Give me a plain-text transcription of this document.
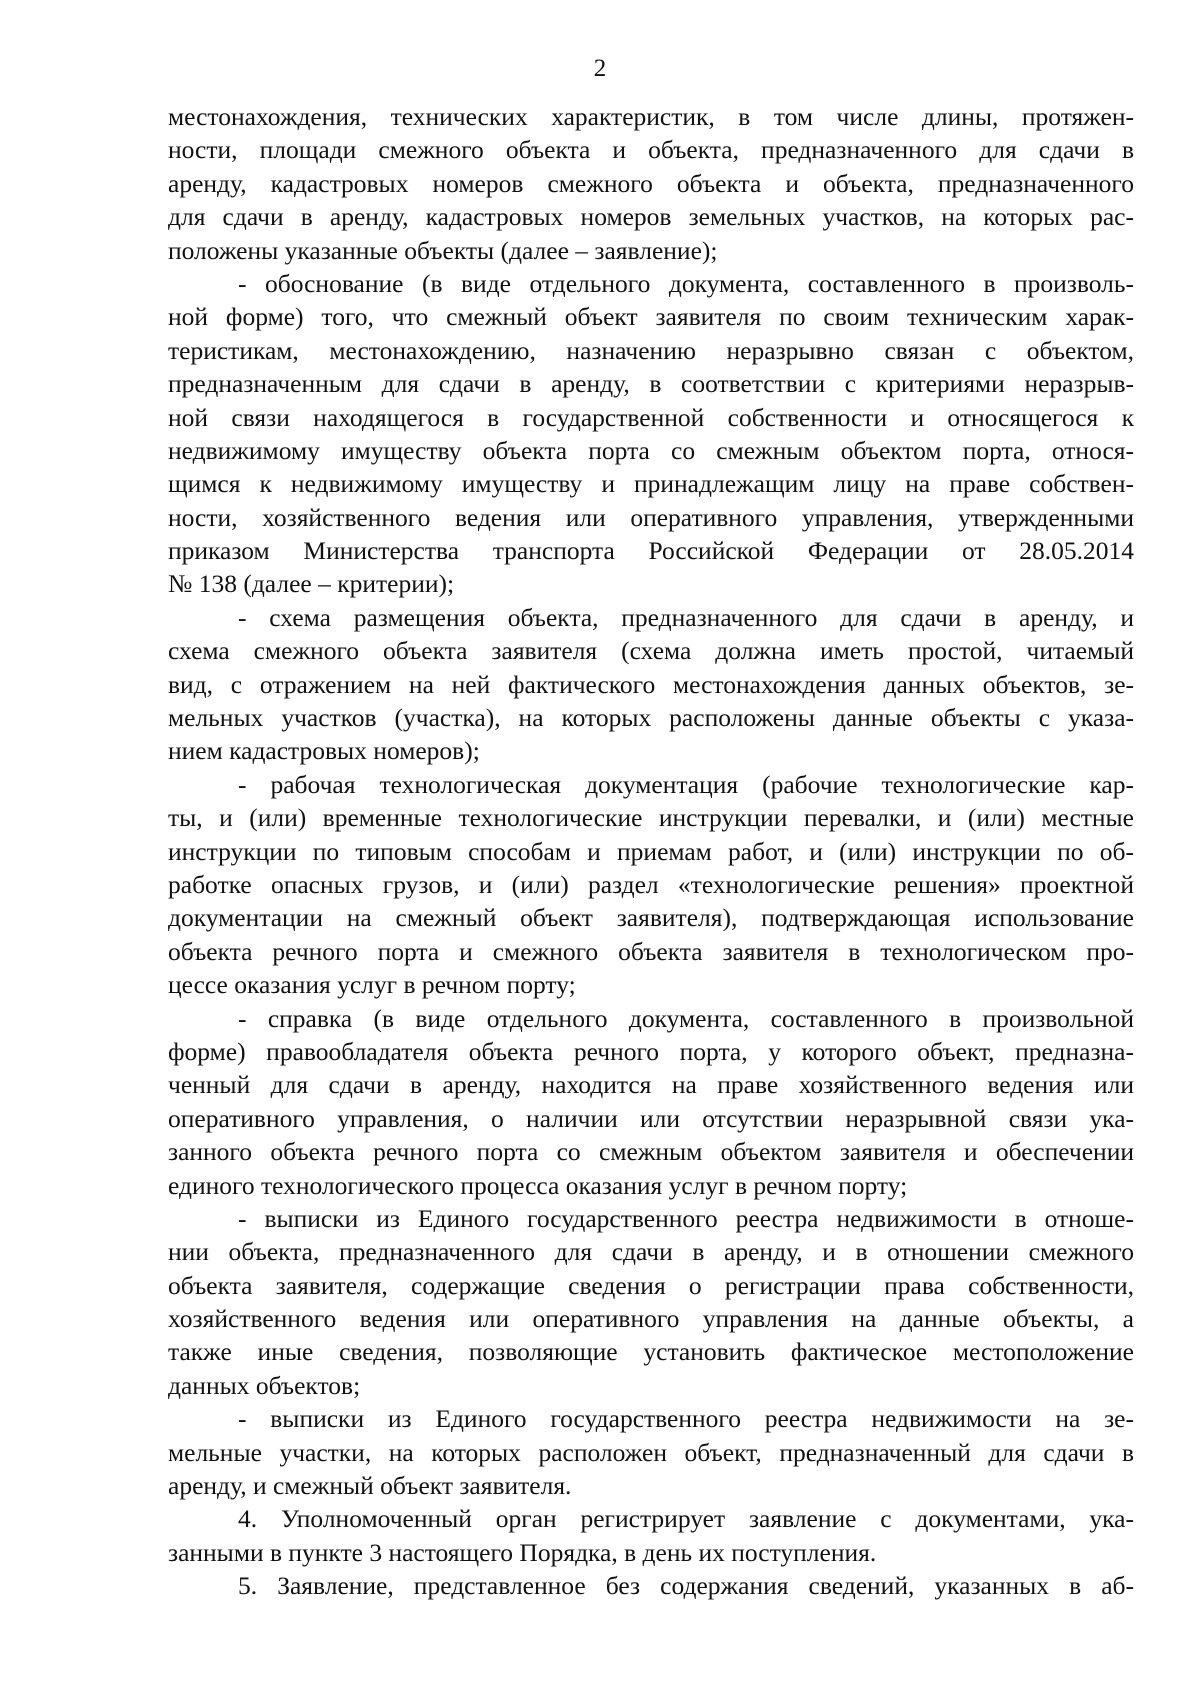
2
местонахождения, технических характеристик, в том числе длины, протяжен-
ности, площади смежного объекта и объекта, предназначенного для сдачи в
аренду, кадастровых номеров смежного объекта и объекта, предназначенного
для сдачи в аренду, кадастровых номеров земельных участков, на которых рас-
положены указанные объекты (далее – заявление);
- обоснование (в виде отдельного документа, составленного в произволь-
ной форме) того, что смежный объект заявителя по своим техническим харак-
теристикам, местонахождению, назначению неразрывно связан с объектом,
предназначенным для сдачи в аренду, в соответствии с критериями неразрыв-
ной связи находящегося в государственной собственности и относящегося к
недвижимому имуществу объекта порта со смежным объектом порта, относя-
щимся к недвижимому имуществу и принадлежащим лицу на праве собствен-
ности, хозяйственного ведения или оперативного управления, утвержденными
приказом Министерства транспорта Российской Федерации от 28.05.2014
№ 138 (далее – критерии);
- схема размещения объекта, предназначенного для сдачи в аренду, и
схема смежного объекта заявителя (схема должна иметь простой, читаемый
вид, с отражением на ней фактического местонахождения данных объектов, зе-
мельных участков (участка), на которых расположены данные объекты с указа-
нием кадастровых номеров);
- рабочая технологическая документация (рабочие технологические кар-
ты, и (или) временные технологические инструкции перевалки, и (или) местные
инструкции по типовым способам и приемам работ, и (или) инструкции по об-
работке опасных грузов, и (или) раздел «технологические решения» проектной
документации на смежный объект заявителя), подтверждающая использование
объекта речного порта и смежного объекта заявителя в технологическом про-
цессе оказания услуг в речном порту;
- справка (в виде отдельного документа, составленного в произвольной
форме) правообладателя объекта речного порта, у которого объект, предназна-
ченный для сдачи в аренду, находится на праве хозяйственного ведения или
оперативного управления, о наличии или отсутствии неразрывной связи ука-
занного объекта речного порта со смежным объектом заявителя и обеспечении
единого технологического процесса оказания услуг в речном порту;
- выписки из Единого государственного реестра недвижимости в отноше-
нии объекта, предназначенного для сдачи в аренду, и в отношении смежного
объекта заявителя, содержащие сведения о регистрации права собственности,
хозяйственного ведения или оперативного управления на данные объекты, а
также иные сведения, позволяющие установить фактическое местоположение
данных объектов;
- выписки из Единого государственного реестра недвижимости на зе-
мельные участки, на которых расположен объект, предназначенный для сдачи в
аренду, и смежный объект заявителя.
4. Уполномоченный орган регистрирует заявление с документами, ука-
занными в пункте 3 настоящего Порядка, в день их поступления.
5. Заявление, представленное без содержания сведений, указанных в аб-
